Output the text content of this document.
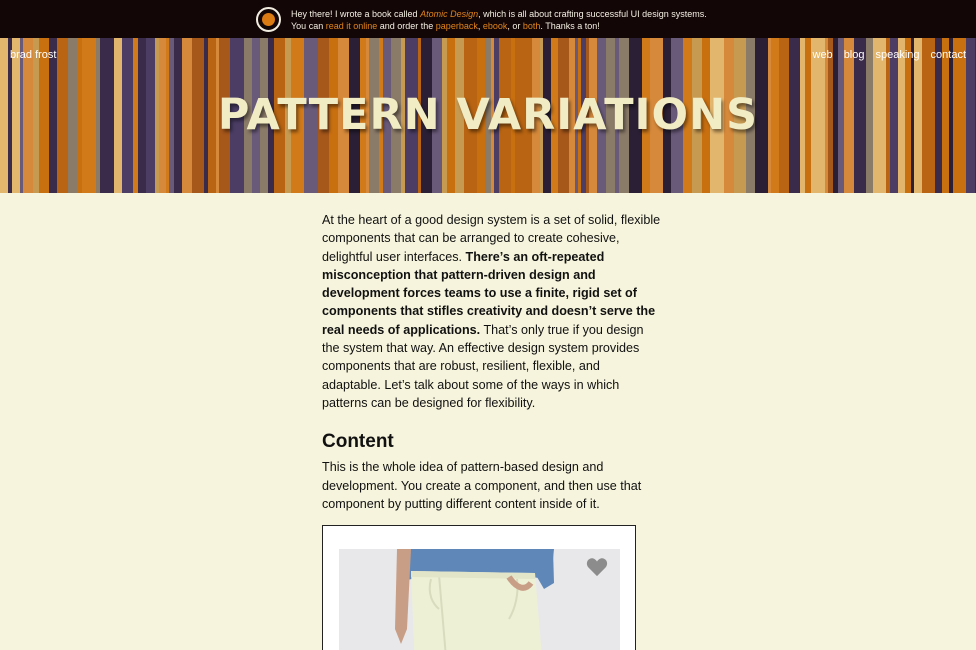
Hey there! I wrote a book called Atomic Design, which is all about crafting successful UI design systems. You can read it online and order the paperback, ebook, or both. Thanks a ton!
brad frost	web blog speaking contact
PATTERN VARIATIONS

At the heart of a good design system is a set of solid, flexible components that can be arranged to create cohesive, delightful user interfaces. There’s an oft-repeated misconception that pattern-driven design and development forces teams to use a finite, rigid set of components that stifles creativity and doesn’t serve the real needs of applications. That’s only true if you design the system that way. An effective design system provides components that are robust, resilient, flexible, and adaptable. Let’s talk about some of the ways in which patterns can be designed for flexibility.

Content

This is the whole idea of pattern-based design and development. You create a component, and then use that component by putting different content inside of it.
